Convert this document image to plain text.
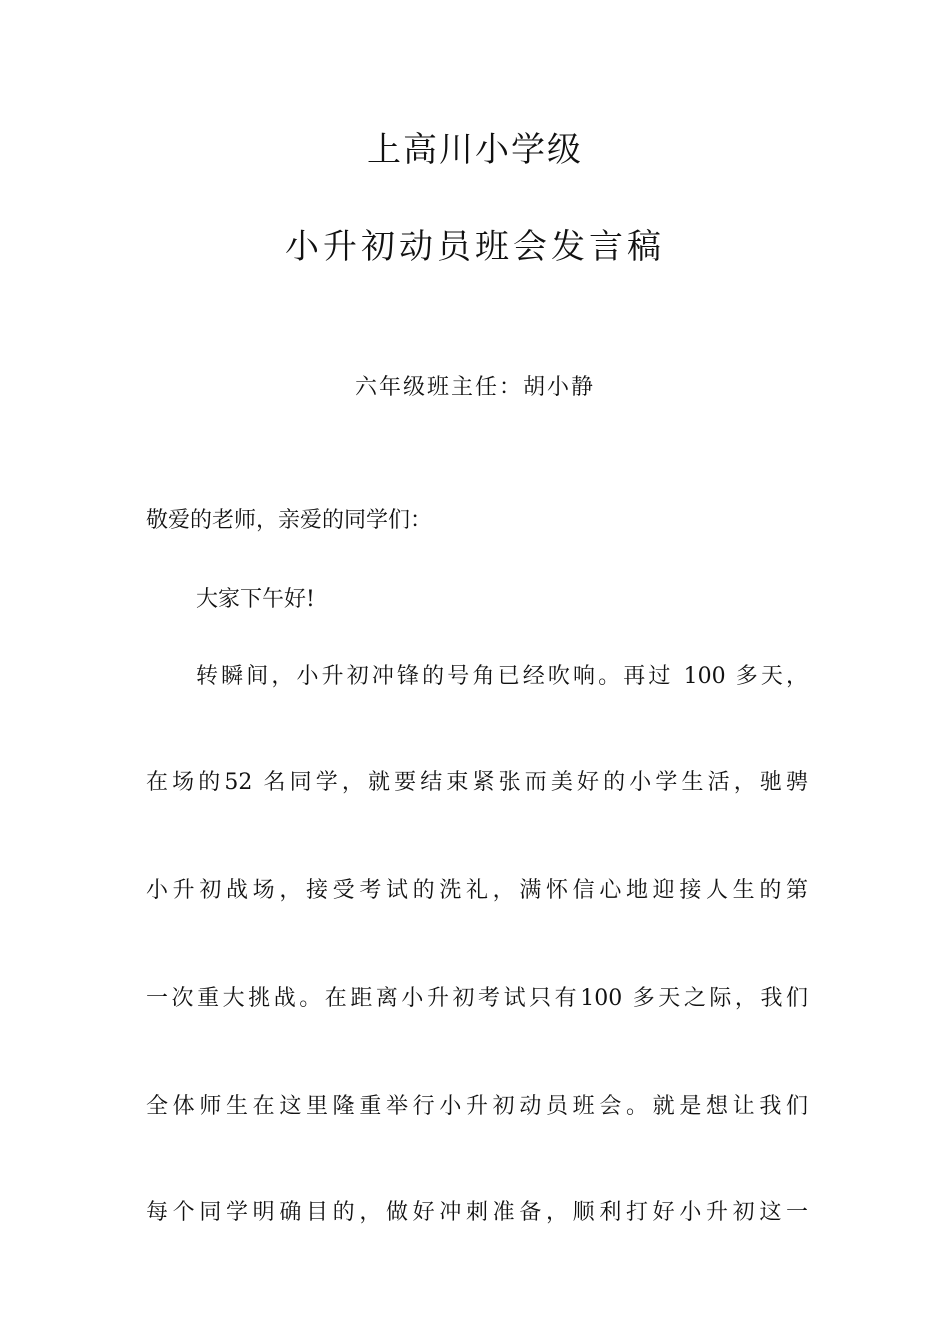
上高川小学级
小升初动员班会发言稿
六年级班主任：胡小静
敬爱的老师，亲爱的同学们：
大家下午好!
转瞬间，小升初冲锋的号角已经吹响。再过 100 多天，
在场的52 名同学，就要结束紧张而美好的小学生活，驰骋
小升初战场，接受考试的洗礼，满怀信心地迎接人生的第
一次重大挑战。在距离小升初考试只有100 多天之际，我们
全体师生在这里隆重举行小升初动员班会。就是想让我们
每个同学明确目的，做好冲刺准备，顺利打好小升初这一
